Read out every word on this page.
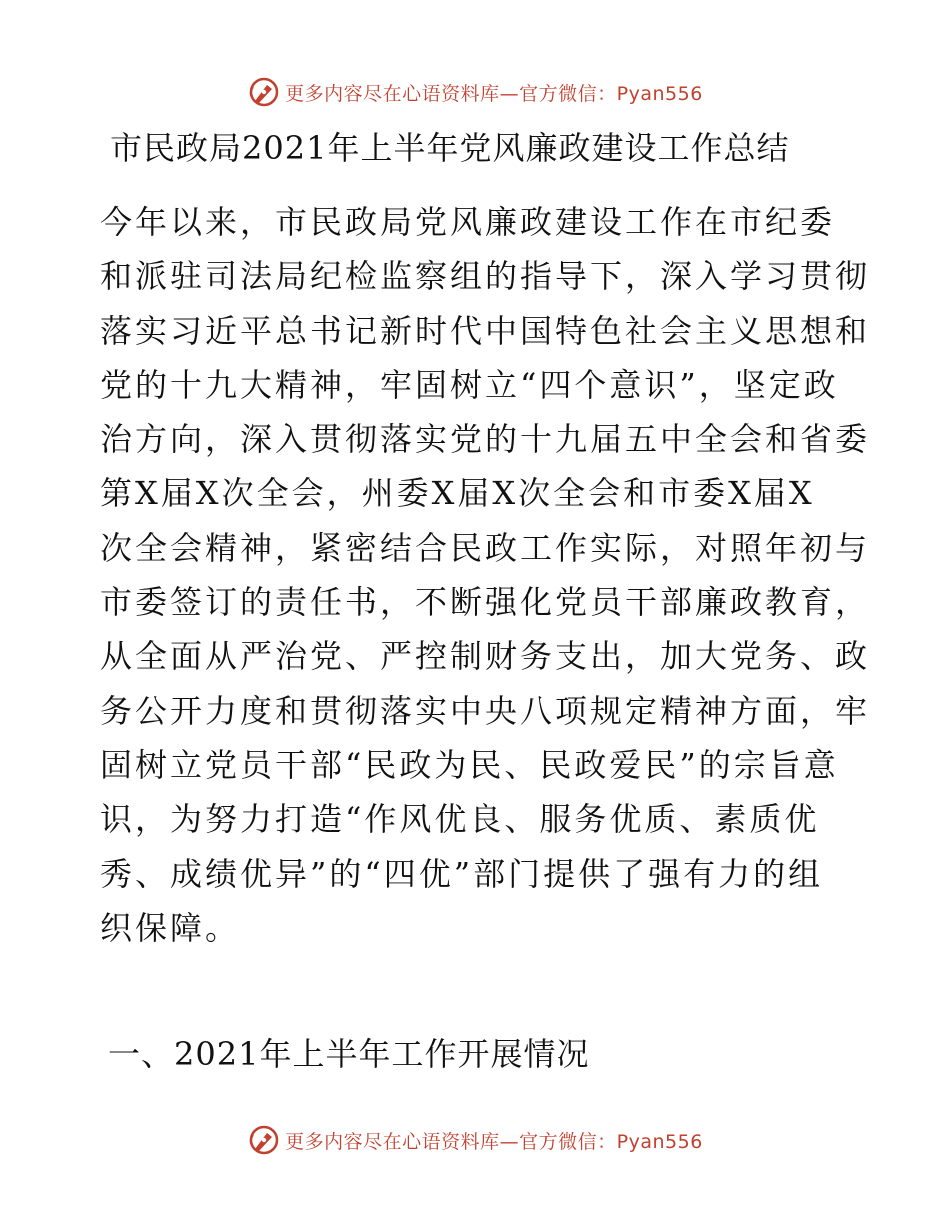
更多内容尽在心语资料库—官方微信：Pyan556
市民政局2021年上半年党风廉政建设工作总结
今年以来，市民政局党风廉政建设工作在市纪委
和派驻司法局纪检监察组的指导下，深入学习贯彻
落实习近平总书记新时代中国特色社会主义思想和
党的十九大精神，牢固树立“四个意识”，坚定政
治方向，深入贯彻落实党的十九届五中全会和省委
第X届X次全会，州委X届X次全会和市委X届X
次全会精神，紧密结合民政工作实际，对照年初与
市委签订的责任书，不断强化党员干部廉政教育，
从全面从严治党、严控制财务支出，加大党务、政
务公开力度和贯彻落实中央八项规定精神方面，牢
固树立党员干部“民政为民、民政爱民”的宗旨意
识，为努力打造“作风优良、服务优质、素质优
秀、成绩优异”的“四优”部门提供了强有力的组
织保障。
一、2021年上半年工作开展情况
更多内容尽在心语资料库—官方微信：Pyan556
